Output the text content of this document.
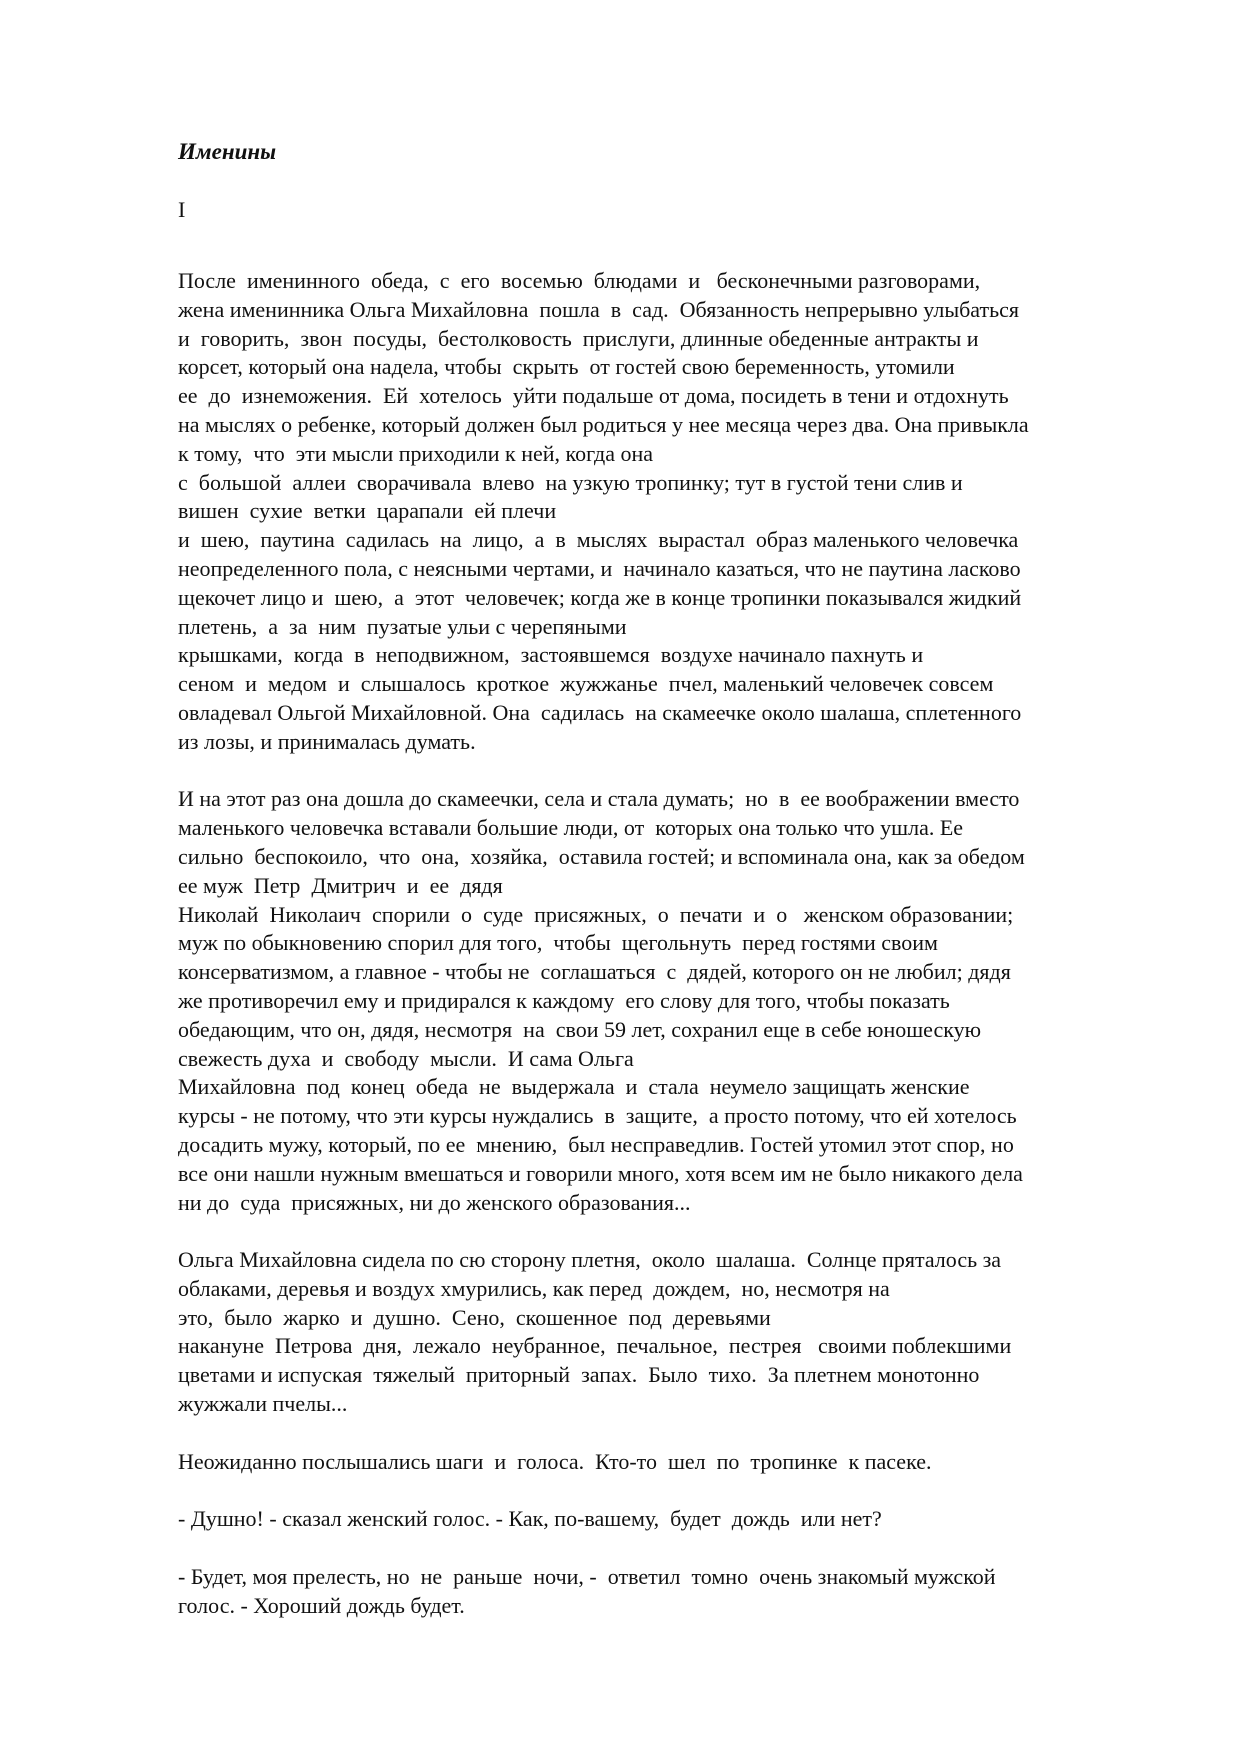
Именины
I
После  именинного  обеда,  с  его  восемью  блюдами  и   бесконечными разговорами,
жена именинника Ольга Михайловна  пошла  в  сад.  Обязанность непрерывно улыбаться
и  говорить,  звон  посуды,  бестолковость  прислуги, длинные обеденные антракты и
корсет, который она надела, чтобы  скрыть  от гостей свою беременность, утомили
ее  до  изнеможения.  Ей  хотелось  уйти подальше от дома, посидеть в тени и отдохнуть
на мыслях о ребенке, который должен был родиться у нее месяца через два. Она привыкла
к тому,  что  эти мысли приходили к ней, когда она
с  большой  аллеи  сворачивала  влево  на узкую тропинку; тут в густой тени слив и
вишен  сухие  ветки  царапали  ей плечи
и  шею,  паутина  садилась  на  лицо,  а  в  мыслях  вырастал  образ маленького человечка
неопределенного пола, с неясными чертами, и  начинало казаться, что не паутина ласково
щекочет лицо и  шею,  а  этот  человечек; когда же в конце тропинки показывался жидкий
плетень,  а  за  ним  пузатые ульи с черепяными
крышками,  когда  в  неподвижном,  застоявшемся  воздухе начинало пахнуть и
сеном  и  медом  и  слышалось  кроткое  жужжанье  пчел, маленький человечек совсем
овладевал Ольгой Михайловной. Она  садилась  на скамеечке около шалаша, сплетенного
из лозы, и принималась думать.
И на этот раз она дошла до скамеечки, села и стала думать;  но  в  ее воображении вместо
маленького человечка вставали большие люди, от  которых она только что ушла. Ее
сильно  беспокоило,  что  она,  хозяйка,  оставила гостей; и вспоминала она, как за обедом
ее муж  Петр  Дмитрич  и  ее  дядя
Николай  Николаич  спорили  о  суде  присяжных,  о  печати  и  о   женском образовании;
муж по обыкновению спорил для того,  чтобы  щегольнуть  перед гостями своим
консерватизмом, а главное - чтобы не  соглашаться  с  дядей, которого он не любил; дядя
же противоречил ему и придирался к каждому  его слову для того, чтобы показать
обедающим, что он, дядя, несмотря  на  свои 59 лет, сохранил еще в себе юношескую
свежесть духа  и  свободу  мысли.  И сама Ольга
Михайловна  под  конец  обеда  не  выдержала  и  стала  неумело защищать женские
курсы - не потому, что эти курсы нуждались  в  защите,  а просто потому, что ей хотелось
досадить мужу, который, по ее  мнению,  был несправедлив. Гостей утомил этот спор, но
все они нашли нужным вмешаться и говорили много, хотя всем им не было никакого дела
ни до  суда  присяжных, ни до женского образования...
Ольга Михайловна сидела по сю сторону плетня,  около  шалаша.  Солнце пряталось за
облаками, деревья и воздух хмурились, как перед  дождем,  но, несмотря на
это,  было  жарко  и  душно.  Сено,  скошенное  под  деревьями
накануне  Петрова  дня,  лежало  неубранное,  печальное,  пестрея   своими поблекшими
цветами и испуская  тяжелый  приторный  запах.  Было  тихо.  За плетнем монотонно
жужжали пчелы...
Неожиданно послышались шаги  и  голоса.  Кто-то  шел  по  тропинке  к пасеке.
- Душно! - сказал женский голос. - Как, по-вашему,  будет  дождь  или нет?
- Будет, моя прелесть, но  не  раньше  ночи, -  ответил  томно  очень знакомый мужской
голос. - Хороший дождь будет.
